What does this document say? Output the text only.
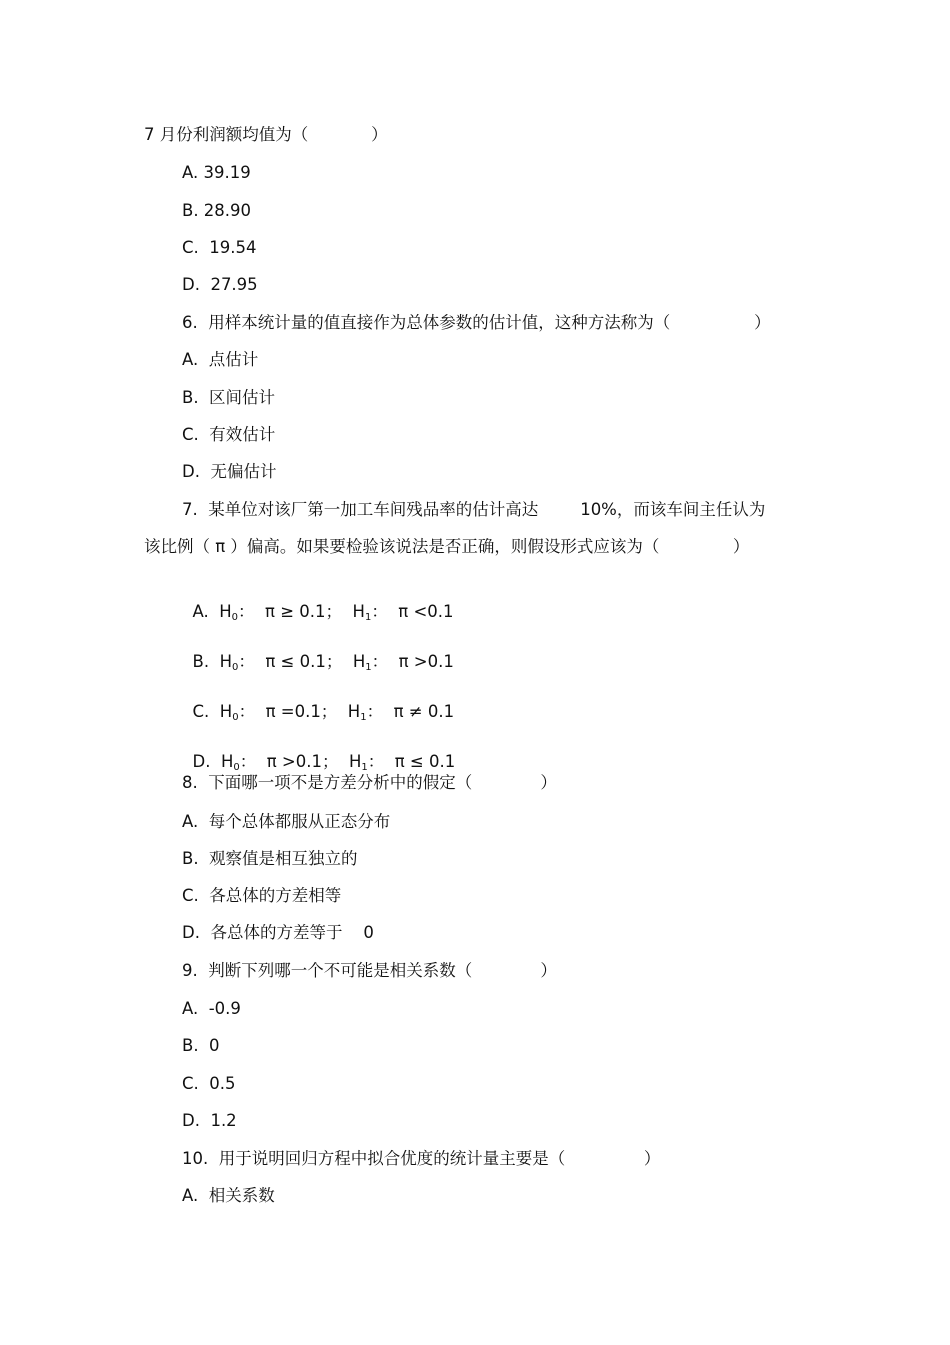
7 月份利润额均值为（            ）
A. 39.19
B. 28.90
C.  19.54
D.  27.95
6.  用样本统计量的值直接作为总体参数的估计值，这种方法称为（                ）
A.  点估计
B.  区间估计
C.  有效估计
D.  无偏估计
7.  某单位对该厂第一加工车间残品率的估计高达        10%，而该车间主任认为
该比例（ π ）偏高。如果要检验该说法是否正确，则假设形式应该为（              ）

A. $H_0$：  π ≥ 0.1；  $H_1$：  π <0.1

B. $H_0$：  π ≤ 0.1；  $H_1$：  π >0.1

C. $H_0$：  π =0.1；  $H_1$：  π ≠ 0.1

D. $H_0$：  π >0.1；  $H_1$：  π ≤ 0.1

8.  下面哪一项不是方差分析中的假定（             ）
A.  每个总体都服从正态分布
B.  观察值是相互独立的
C.  各总体的方差相等
D.  各总体的方差等于    0
9.  判断下列哪一个不可能是相关系数（             ）
A.  -0.9
B.  0
C.  0.5
D.  1.2
10.  用于说明回归方程中拟合优度的统计量主要是（               ）
A.  相关系数
